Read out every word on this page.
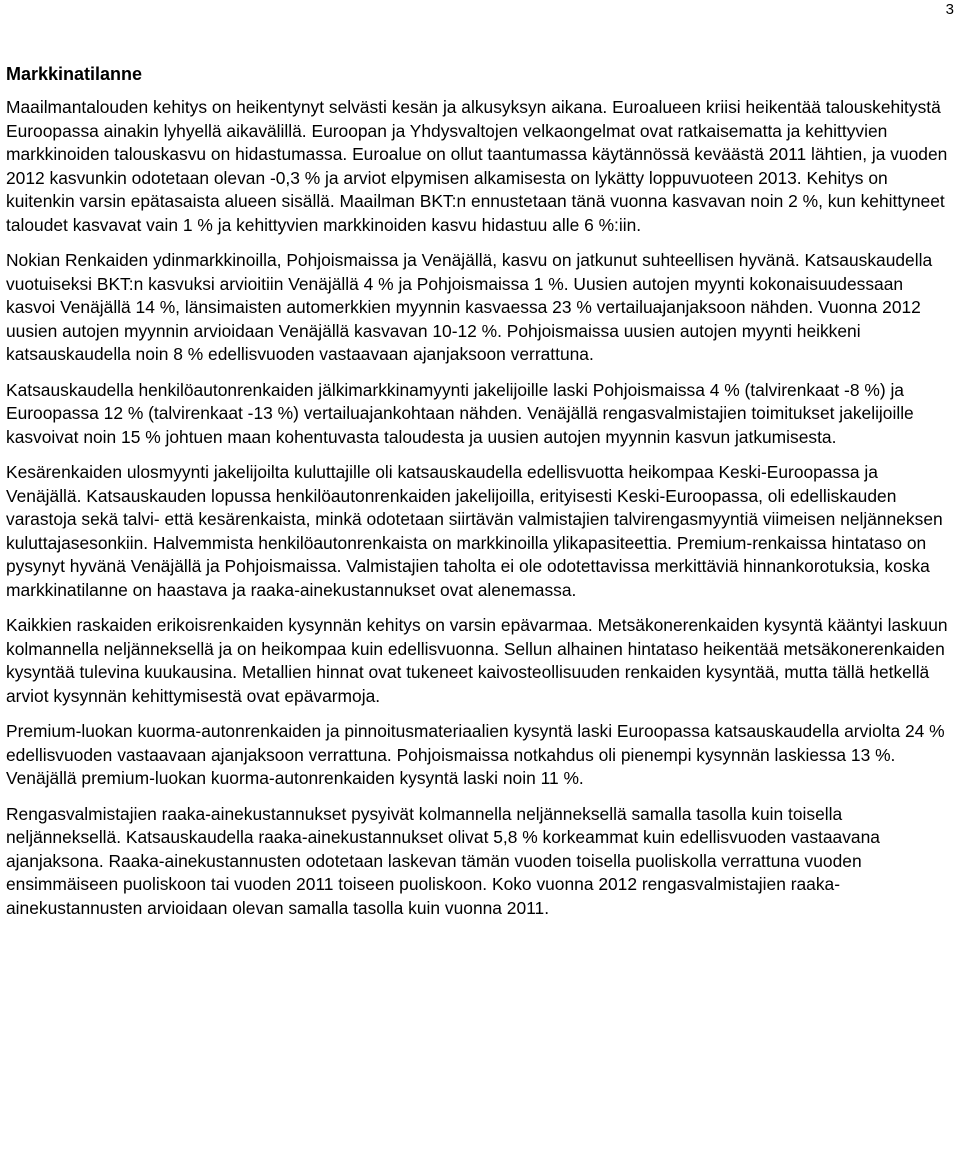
3
Markkinatilanne

Maailmantalouden kehitys on heikentynyt selvästi kesän ja alkusyksyn aikana. Euroalueen kriisi heikentää talouskehitystä Euroopassa ainakin lyhyellä aikavälillä. Euroopan ja Yhdysvaltojen velkaongelmat ovat ratkaisematta ja kehittyvien markkinoiden talouskasvu on hidastumassa. Euroalue on ollut taantumassa käytännössä keväästä 2011 lähtien, ja vuoden 2012 kasvunkin odotetaan olevan -0,3 % ja arviot elpymisen alkamisesta on lykätty loppuvuoteen 2013. Kehitys on kuitenkin varsin epätasaista alueen sisällä. Maailman BKT:n ennustetaan tänä vuonna kasvavan noin 2 %, kun kehittyneet taloudet kasvavat vain 1 % ja kehittyvien markkinoiden kasvu hidastuu alle 6 %:iin.

Nokian Renkaiden ydinmarkkinoilla, Pohjoismaissa ja Venäjällä, kasvu on jatkunut suhteellisen hyvänä. Katsauskaudella vuotuiseksi BKT:n kasvuksi arvioitiin Venäjällä 4 % ja Pohjoismaissa 1 %. Uusien autojen myynti kokonaisuudessaan kasvoi Venäjällä 14 %, länsimaisten automerkkien myynnin kasvaessa 23 % vertailuajanjaksoon nähden. Vuonna 2012 uusien autojen myynnin arvioidaan Venäjällä kasvavan 10-12 %. Pohjoismaissa uusien autojen myynti heikkeni katsauskaudella noin 8 % edellisvuoden vastaavaan ajanjaksoon verrattuna.

Katsauskaudella henkilöautonrenkaiden jälkimarkkinamyynti jakelijoille laski Pohjoismaissa 4 % (talvirenkaat -8 %) ja Euroopassa 12 % (talvirenkaat -13 %) vertailuajankohtaan nähden. Venäjällä rengasvalmistajien toimitukset jakelijoille kasvoivat noin 15 % johtuen maan kohentuvasta taloudesta ja uusien autojen myynnin kasvun jatkumisesta.

Kesärenkaiden ulosmyynti jakelijoilta kuluttajille oli katsauskaudella edellisvuotta heikompaa Keski-Euroopassa ja Venäjällä. Katsauskauden lopussa henkilöautonrenkaiden jakelijoilla, erityisesti Keski-Euroopassa, oli edelliskauden varastoja sekä talvi- että kesärenkaista, minkä odotetaan siirtävän valmistajien talvirengasmyyntiä viimeisen neljänneksen kuluttajasesonkiin. Halvemmista henkilöautonrenkaista on markkinoilla ylikapasiteettia. Premium-renkaissa hintataso on pysynyt hyvänä Venäjällä ja Pohjoismaissa. Valmistajien taholta ei ole odotettavissa merkittäviä hinnankorotuksia, koska markkinatilanne on haastava ja raaka-ainekustannukset ovat alenemassa.

Kaikkien raskaiden erikoisrenkaiden kysynnän kehitys on varsin epävarmaa. Metsäkonerenkaiden kysyntä kääntyi laskuun kolmannella neljänneksellä ja on heikompaa kuin edellisvuonna. Sellun alhainen hintataso heikentää metsäkonerenkaiden kysyntää tulevina kuukausina. Metallien hinnat ovat tukeneet kaivosteollisuuden renkaiden kysyntää, mutta tällä hetkellä arviot kysynnän kehittymisestä ovat epävarmoja.

Premium-luokan kuorma-autonrenkaiden ja pinnoitusmateriaalien kysyntä laski Euroopassa katsauskaudella arviolta 24 % edellisvuoden vastaavaan ajanjaksoon verrattuna. Pohjoismaissa notkahdus oli pienempi kysynnän laskiessa 13 %. Venäjällä premium-luokan kuorma-autonrenkaiden kysyntä laski noin 11 %.

Rengasvalmistajien raaka-ainekustannukset pysyivät kolmannella neljänneksellä samalla tasolla kuin toisella neljänneksellä. Katsauskaudella raaka-ainekustannukset olivat 5,8 % korkeammat kuin edellisvuoden vastaavana ajanjaksona. Raaka-ainekustannusten odotetaan laskevan tämän vuoden toisella puoliskolla verrattuna vuoden ensimmäiseen puoliskoon tai vuoden 2011 toiseen puoliskoon. Koko vuonna 2012 rengasvalmistajien raaka-ainekustannusten arvioidaan olevan samalla tasolla kuin vuonna 2011.
